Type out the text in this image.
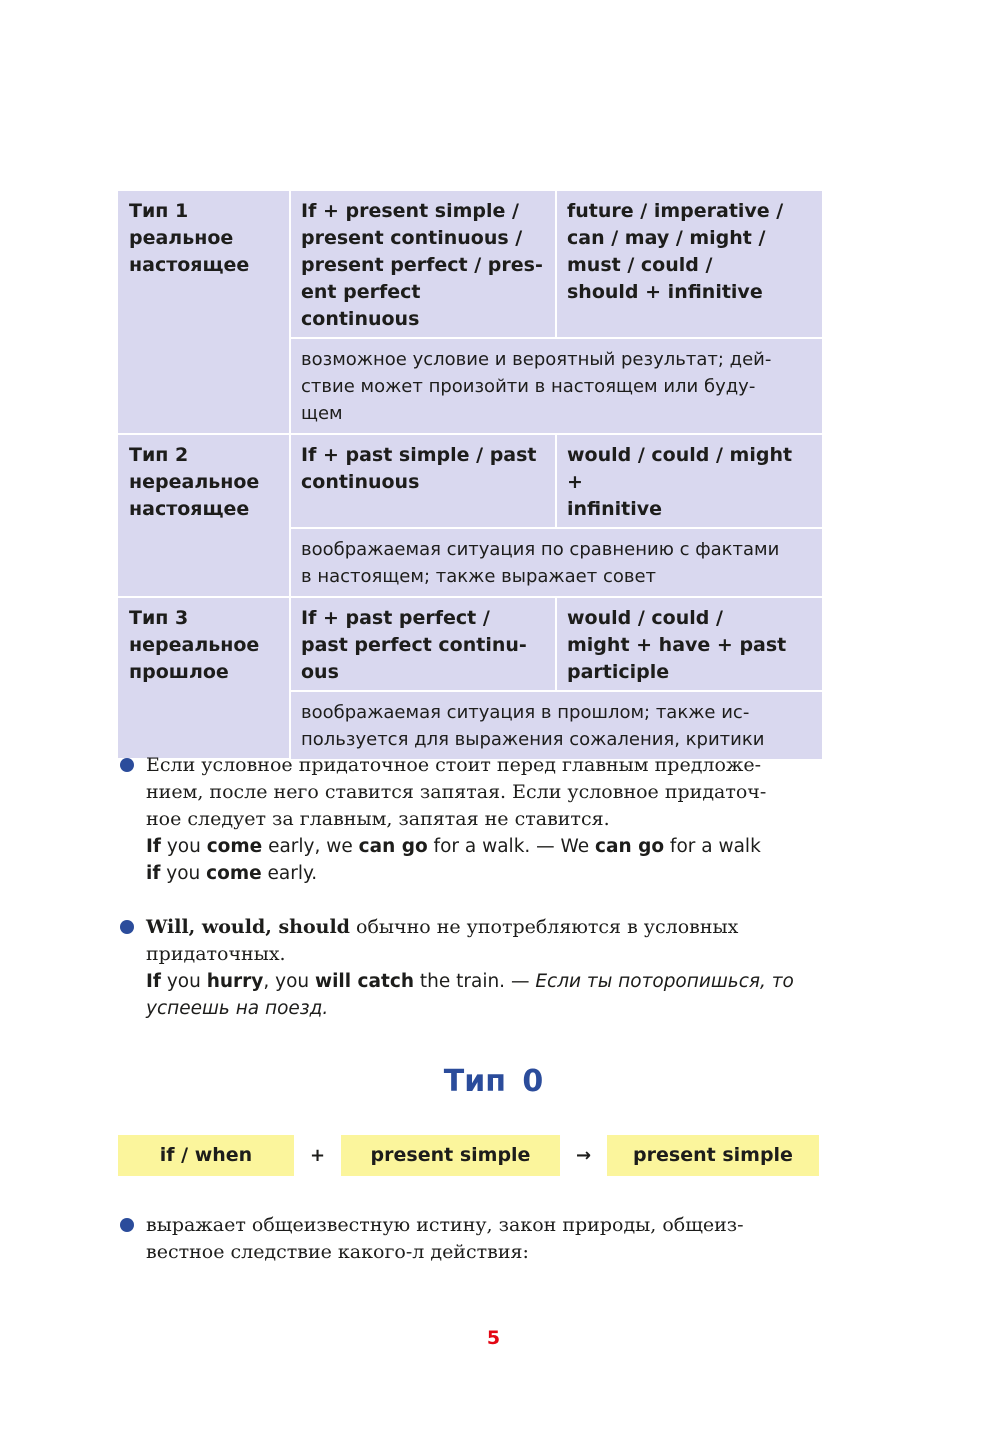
Тип 1
реальное
настоящее	If + present simple /
present continuous /
present perfect / pres-
ent perfect continuous	future / imperative /
can / may / might /
must / could /
should + infinitive
	возможное условие и вероятный результат; дей-
ствие может произойти в настоящем или буду-
щем	
Тип 2
нереальное
настоящее	If + past simple / past
continuous	would / could / might +
infinitive
	воображаемая ситуация по сравнению с фактами
в настоящем; также выражает совет	
Тип 3
нереальное
прошлое	If + past perfect /
past perfect continu-
ous	would / could /
might + have + past
participle
	воображаемая ситуация в прошлом; также ис-
пользуется для выражения сожаления, критики	

Если условное придаточное стоит перед главным предложе-
нием, после него ставится запятая. Если условное придаточ-
ное следует за главным, запятая не ставится.

If you come early, we can go for a walk. — We can go for a walk
if you come early.

Will, would, should обычно не употребляются в условных
придаточных.

If you hurry, you will catch the train. — Если ты поторопишься, то
успеешь на поезд.
Тип 0
if / when	+	present simple	→	present simple

выражает общеизвестную истину, закон природы, общеиз-
вестное следствие какого-л действия:

5
